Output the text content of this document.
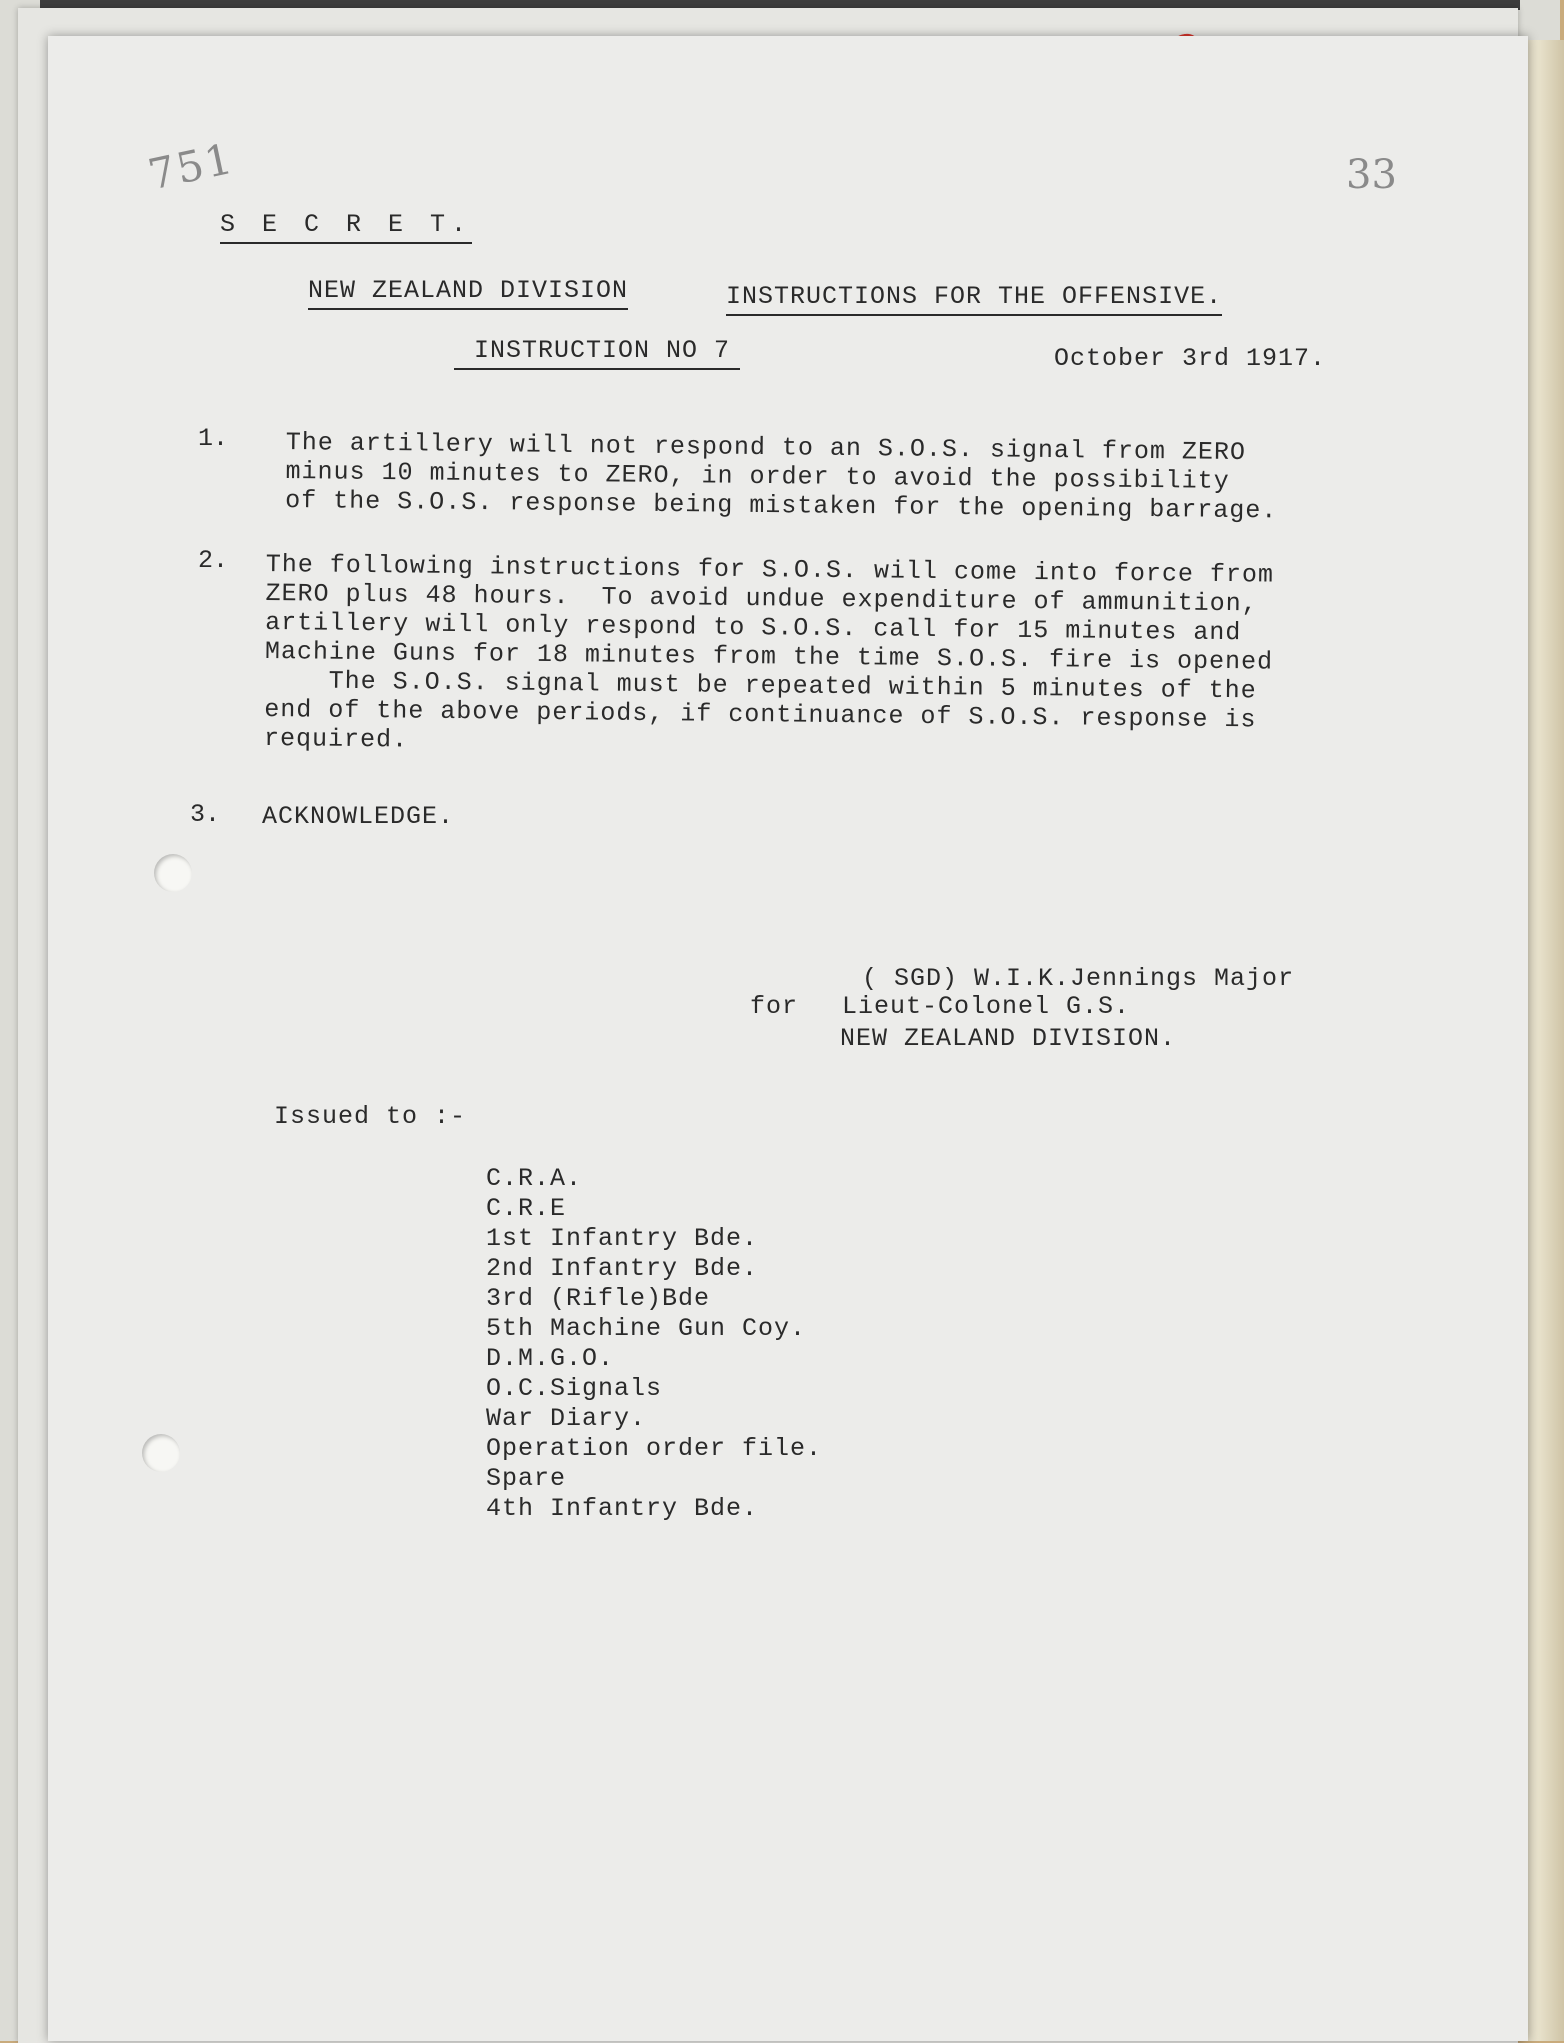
751	33
S E C R E T.
NEW ZEALAND DIVISION	INSTRUCTIONS FOR THE OFFENSIVE.
INSTRUCTION NO 7	October 3rd 1917.
1. The artillery will not respond to an S.O.S. signal from ZERO
minus 10 minutes to ZERO, in order to avoid the possibility
of the S.O.S. response being mistaken for the opening barrage.
2. The following instructions for S.O.S. will come into force from
ZERO plus 48 hours.  To avoid undue expenditure of ammunition,
artillery will only respond to S.O.S. call for 15 minutes and
Machine Guns for 18 minutes from the time S.O.S. fire is opened
The S.O.S. signal must be repeated within 5 minutes of the
end of the above periods, if continuance of S.O.S. response is
required.
3. ACKNOWLEDGE.
( SGD) W.I.K.Jennings Major
for Lieut-Colonel G.S.
NEW ZEALAND DIVISION.
Issued to :-
C.R.A.
C.R.E
1st Infantry Bde.
2nd Infantry Bde.
3rd (Rifle)Bde
5th Machine Gun Coy.
D.M.G.O.
O.C.Signals
War Diary.
Operation order file.
Spare
4th Infantry Bde.
